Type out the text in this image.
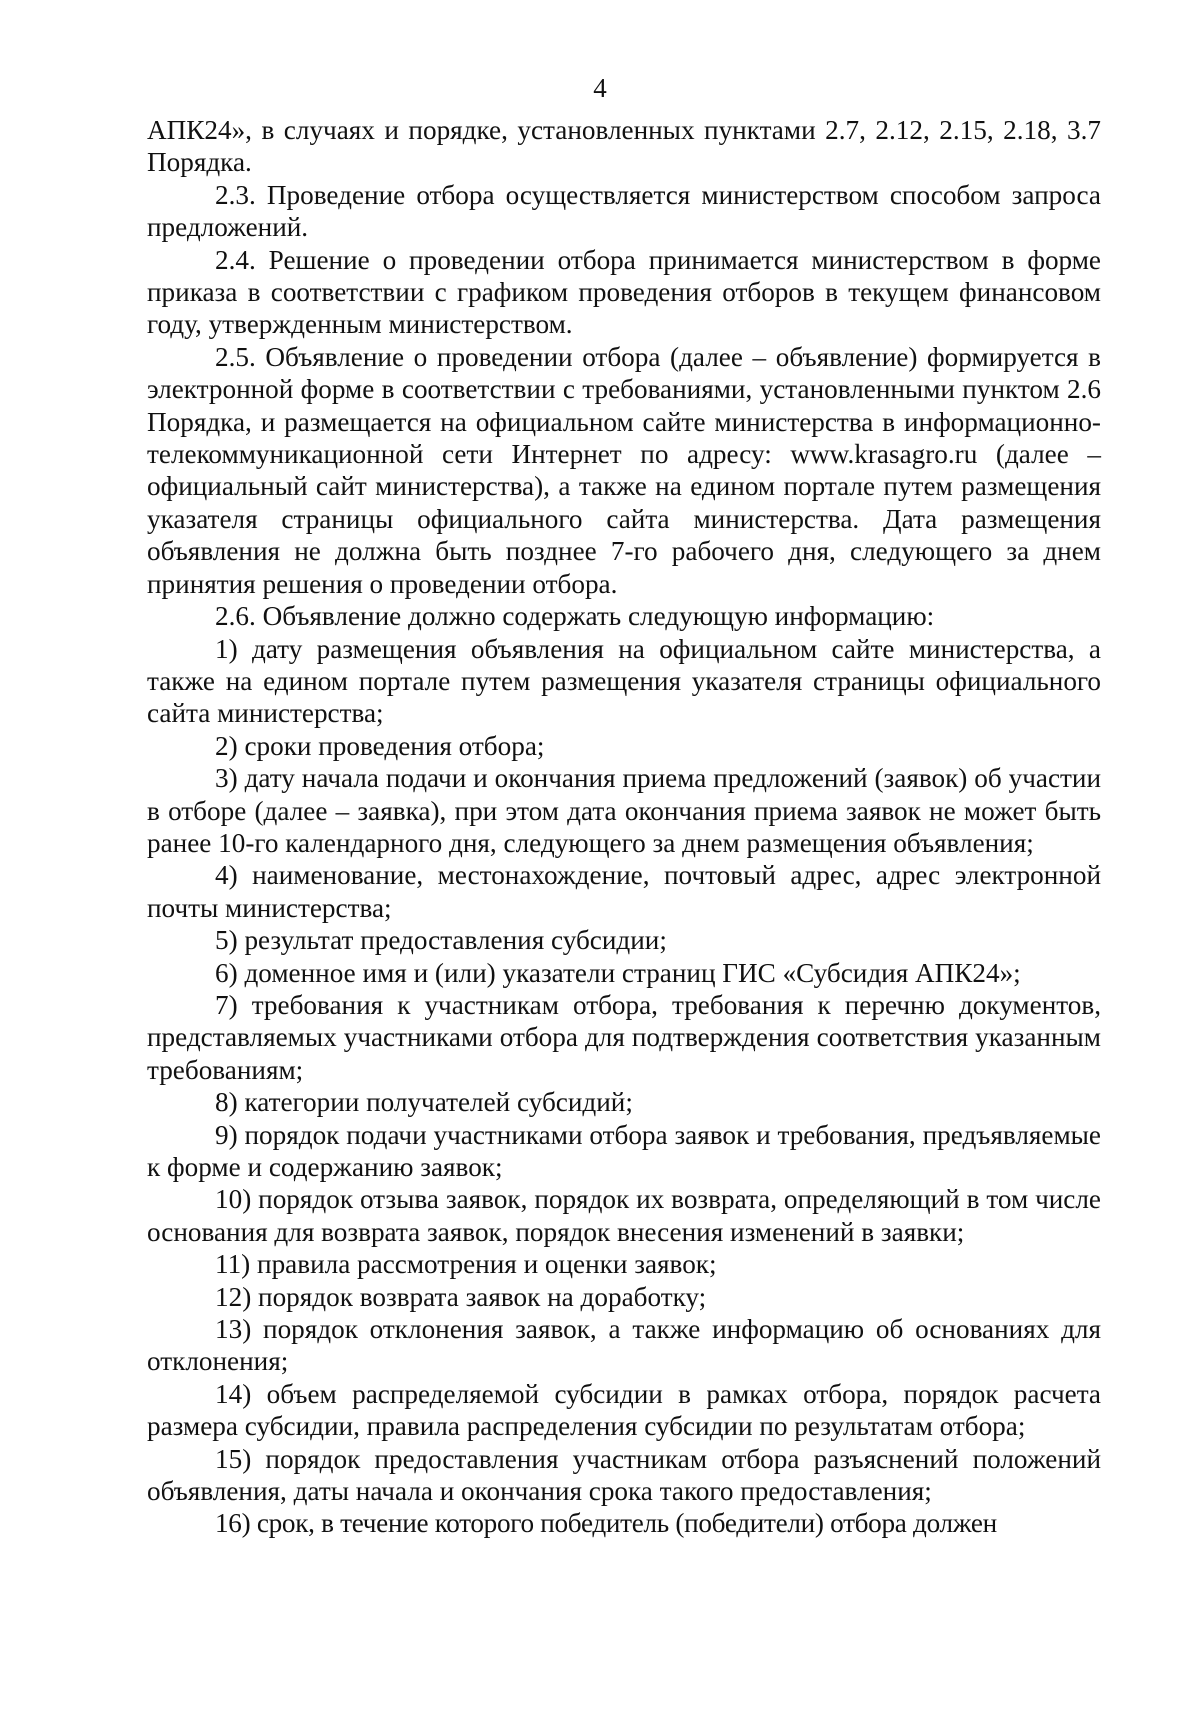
4

АПК24», в случаях и порядке, установленных пунктами 2.7, 2.12, 2.15, 2.18, 3.7 Порядка.

2.3. Проведение отбора осуществляется министерством способом запроса предложений.

2.4. Решение о проведении отбора принимается министерством в форме приказа в соответствии с графиком проведения отборов в текущем финансовом году, утвержденным министерством.

2.5. Объявление о проведении отбора (далее – объявление) формируется в электронной форме в соответствии с требованиями, установленными пунктом 2.6 Порядка, и размещается на официальном сайте министерства в информационно-телекоммуникационной сети Интернет по адресу: www.krasagro.ru (далее – официальный сайт министерства), а также на едином портале путем размещения указателя страницы официального сайта министерства. Дата размещения объявления не должна быть позднее 7-го рабочего дня, следующего за днем принятия решения о проведении отбора.

2.6. Объявление должно содержать следующую информацию:

1) дату размещения объявления на официальном сайте министерства, а также на едином портале путем размещения указателя страницы официального сайта министерства;

2) сроки проведения отбора;

3) дату начала подачи и окончания приема предложений (заявок) об участии в отборе (далее – заявка), при этом дата окончания приема заявок не может быть ранее 10-го календарного дня, следующего за днем размещения объявления;

4) наименование, местонахождение, почтовый адрес, адрес электронной почты министерства;

5) результат предоставления субсидии;

6) доменное имя и (или) указатели страниц ГИС «Субсидия АПК24»;

7) требования к участникам отбора, требования к перечню документов, представляемых участниками отбора для подтверждения соответствия указанным требованиям;

8) категории получателей субсидий;

9) порядок подачи участниками отбора заявок и требования, предъявляемые к форме и содержанию заявок;

10) порядок отзыва заявок, порядок их возврата, определяющий в том числе основания для возврата заявок, порядок внесения изменений в заявки;

11) правила рассмотрения и оценки заявок;

12) порядок возврата заявок на доработку;

13) порядок отклонения заявок, а также информацию об основаниях для отклонения;

14) объем распределяемой субсидии в рамках отбора, порядок расчета размера субсидии, правила распределения субсидии по результатам отбора;

15) порядок предоставления участникам отбора разъяснений положений объявления, даты начала и окончания срока такого предоставления;

16) срок, в течение которого победитель (победители) отбора должен
